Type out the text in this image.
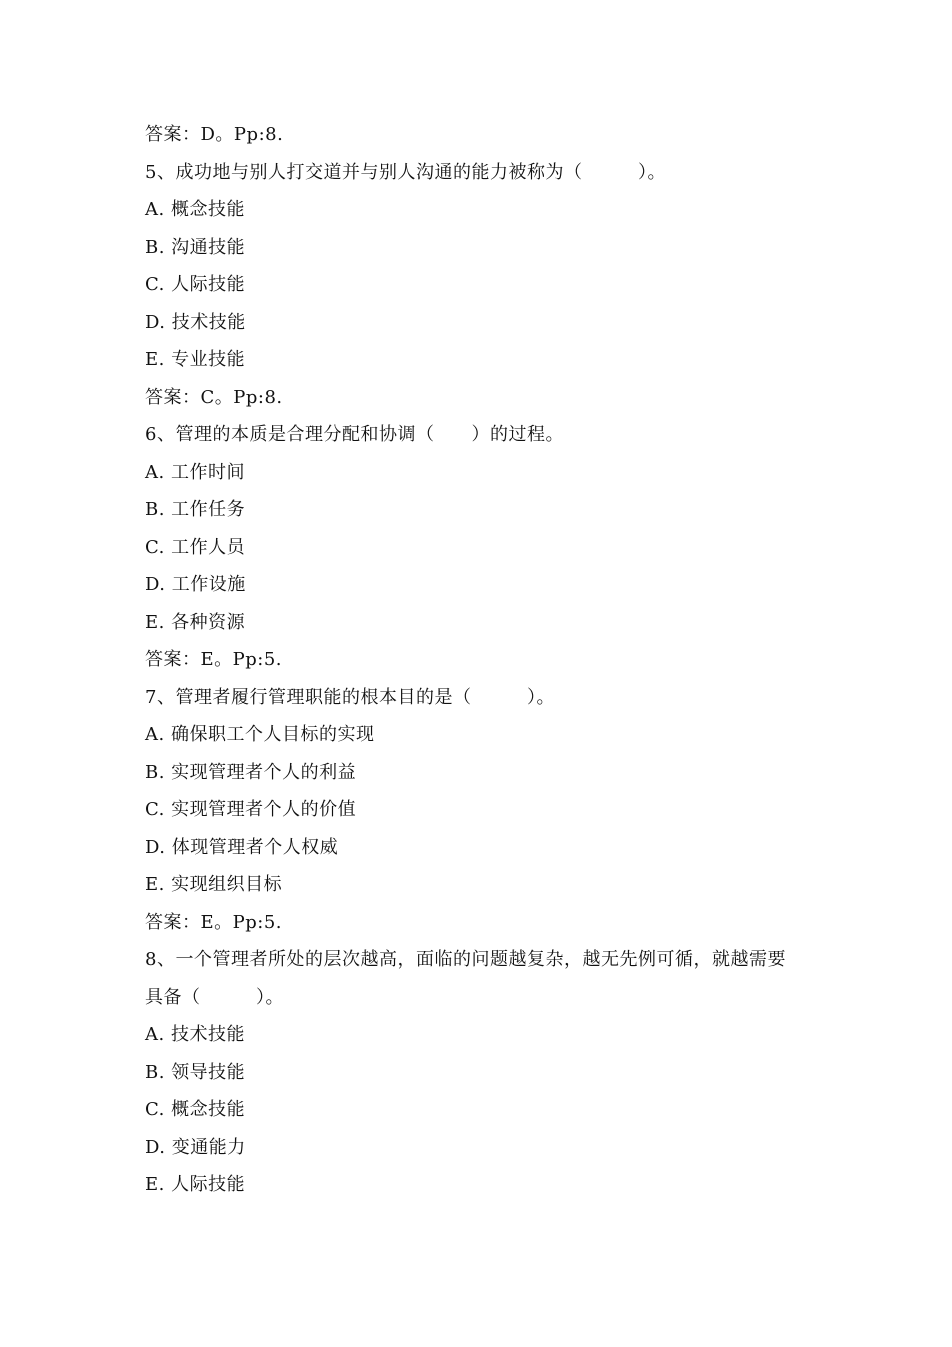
答案：D。Pp:8.
5、成功地与别人打交道并与别人沟通的能力被称为（　　　）。
A. 概念技能
B. 沟通技能
C. 人际技能
D. 技术技能
E. 专业技能
答案：C。Pp:8.
6、管理的本质是合理分配和协调（　　）的过程。
A. 工作时间
B. 工作任务
C. 工作人员
D. 工作设施
E. 各种资源
答案：E。Pp:5.
7、管理者履行管理职能的根本目的是（　　　）。
A. 确保职工个人目标的实现
B. 实现管理者个人的利益
C. 实现管理者个人的价值
D. 体现管理者个人权威
E. 实现组织目标
答案：E。Pp:5.
8、一个管理者所处的层次越高，面临的问题越复杂，越无先例可循，就越需要
具备（　　　）。
A. 技术技能
B. 领导技能
C. 概念技能
D. 变通能力
E. 人际技能
